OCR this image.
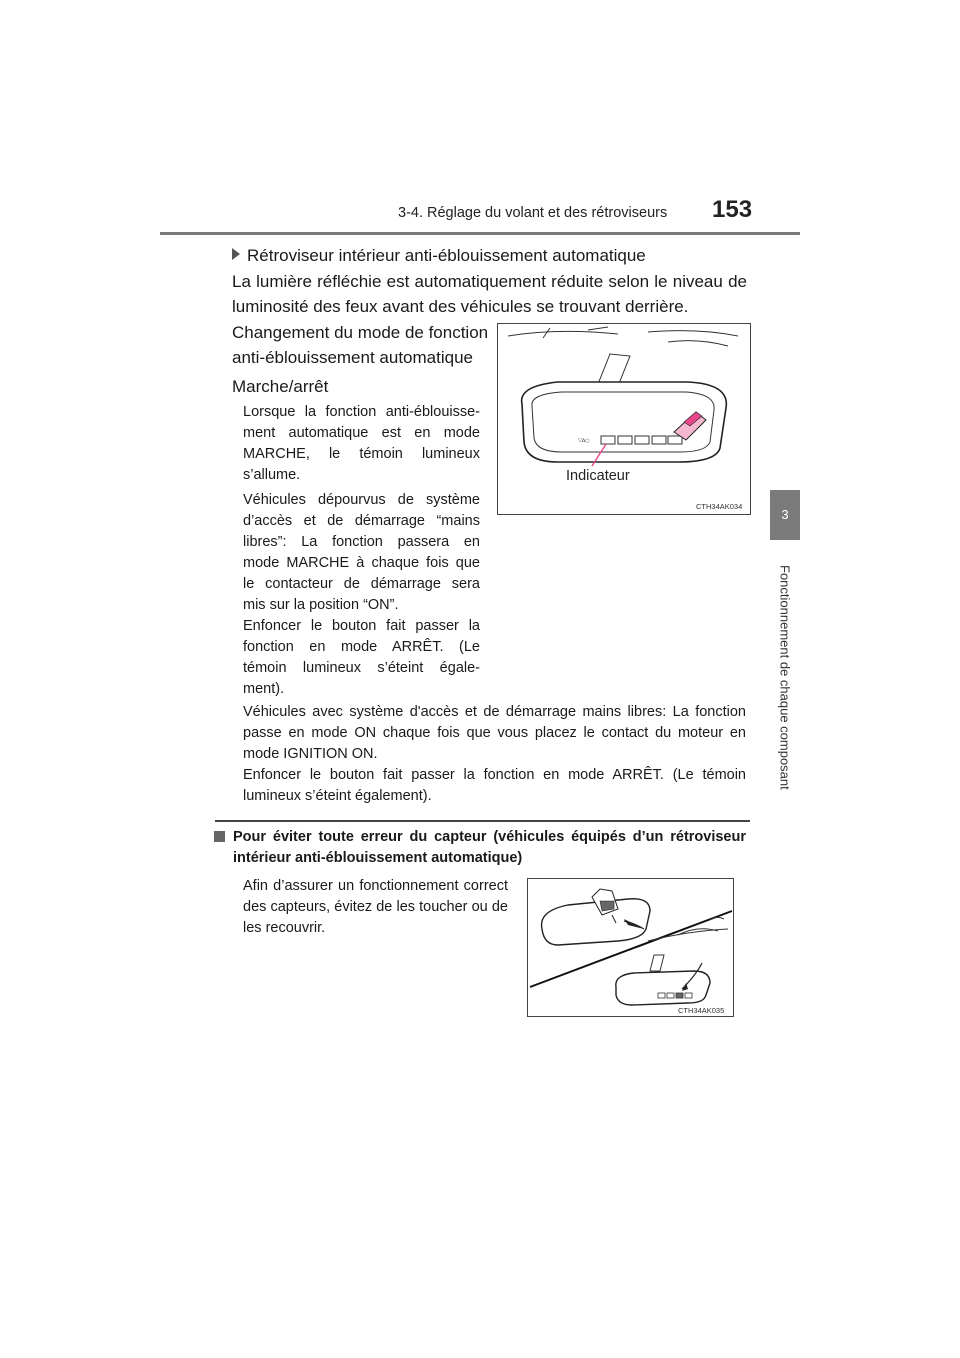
3-4. Réglage du volant et des rétroviseurs 153
3
Fonctionnement de chaque composant

Rétroviseur intérieur anti-éblouissement automatique

La lumière réfléchie est automatiquement réduite selon le niveau de

luminosité des feux avant des véhicules se trouvant derrière.

Changement du mode de fonction

anti-éblouissement automatique

Marche/arrêt

Lorsque la fonction anti-éblouisse-

ment automatique est en mode

MARCHE, le témoin lumineux

s’allume.

Véhicules dépourvus de système

d’accès et de démarrage “mains

libres”: La fonction passera en

mode MARCHE à chaque fois que

le contacteur de démarrage sera

mis sur la position “ON”.

Enfoncer le bouton fait passer la

fonction en mode ARRÊT. (Le

témoin lumineux s’éteint égale-

ment).

Véhicules avec système d'accès et de démarrage mains libres: La fonction

passe en mode ON chaque fois que vous placez le contact du moteur en

mode IGNITION ON.

Enfoncer le bouton fait passer la fonction en mode ARRÊT. (Le témoin

lumineux s’éteint également).

▽∆○
Indicateur
CTH34AK034

Pour éviter toute erreur du capteur (véhicules équipés d’un rétroviseur

intérieur anti-éblouissement automatique)

Afin d’assurer un fonctionnement correct

des capteurs, évitez de les toucher ou de

les recouvrir.

CTH34AK035
